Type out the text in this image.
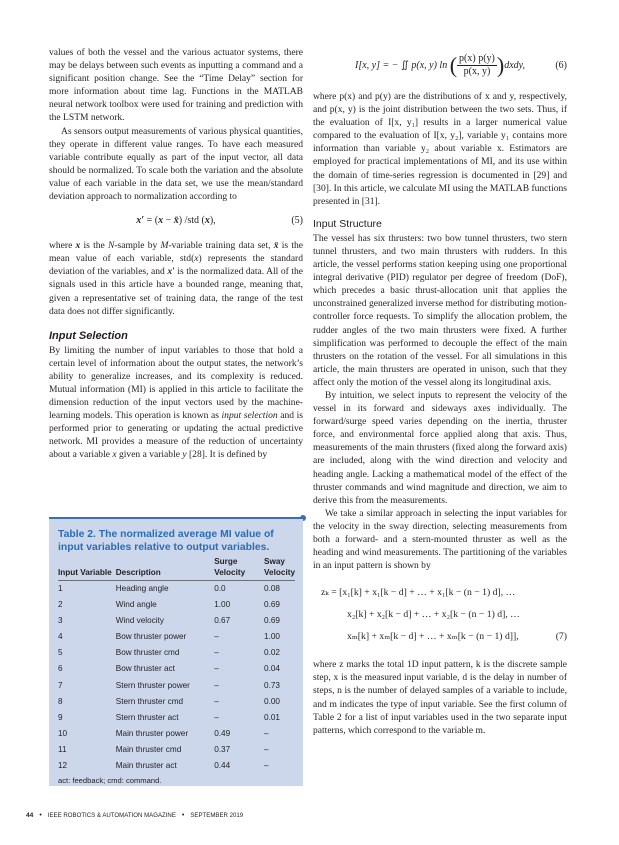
values of both the vessel and the various actuator systems, there may be delays between such events as inputting a command and a significant position change. See the “Time Delay” section for more information about time lag. Functions in the MATLAB neural network toolbox were used for training and prediction with the LSTM network.

As sensors output measurements of various physical quantities, they operate in different value ranges. To have each measured variable contribute equally as part of the input vector, all data should be normalized. To scale both the variation and the absolute value of each variable in the data set, we use the mean/standard deviation approach to normalization according to

x′ = (x − x̄) /std (x),	(5)

where x is the N-sample by M-variable training data set, x̄ is the mean value of each variable, std(x) represents the standard deviation of the variables, and x′ is the normalized data. All of the signals used in this article have a bounded range, meaning that, given a representative set of training data, the range of the test data does not differ significantly.

Input Selection

By limiting the number of input variables to those that hold a certain level of information about the output states, the network’s ability to generalize increases, and its complexity is reduced. Mutual information (MI) is applied in this article to facilitate the dimension reduction of the input vectors used by the machine-learning models. This operation is known as input selection and is performed prior to generating or updating the actual predictive network. MI provides a measure of the reduction of uncertainty about a variable x given a variable y [28]. It is defined by

Table 2. The normalized average MI value of input variables relative to output variables.
Input Variable	Description	Surge Velocity	Sway Velocity
1	Heading angle	0.0	0.08
2	Wind angle	1.00	0.69
3	Wind velocity	0.67	0.69
4	Bow thruster power	–	1.00
5	Bow thruster cmd	–	0.02
6	Bow thruster act	–	0.04
7	Stern thruster power	–	0.73
8	Stern thruster cmd	–	0.00
9	Stern thruster act	–	0.01
10	Main thruster power	0.49	–
11	Main thruster cmd	0.37	–
12	Main thruster act	0.44	–
act: feedback; cmd: command.
I[x, y] = − ∬ p(x, y) ln ( $\frac{p(x) p(y)}{p(x, y)}$ )dxdy,	(6)

where p(x) and p(y) are the distributions of x and y, respectively, and p(x, y) is the joint distribution between the two sets. Thus, if the evaluation of I[x, y₁] results in a larger numerical value compared to the evaluation of I[x, y₂], variable y₁ contains more information than variable y₂ about variable x. Estimators are employed for practical implementations of MI, and its use within the domain of time-series regression is documented in [29] and [30]. In this article, we calculate MI using the MATLAB functions presented in [31].

Input Structure

The vessel has six thrusters: two bow tunnel thrusters, two stern tunnel thrusters, and two main thrusters with rudders. In this article, the vessel performs station keeping using one proportional integral derivative (PID) regulator per degree of freedom (DoF), which precedes a basic thrust-allocation unit that applies the unconstrained generalized inverse method for distributing motion-controller force requests. To simplify the allocation problem, the rudder angles of the two main thrusters were fixed. A further simplification was performed to decouple the effect of the main thrusters on the rotation of the vessel. For all simulations in this article, the main thrusters are operated in unison, such that they affect only the motion of the vessel along its longitudinal axis.

By intuition, we select inputs to represent the velocity of the vessel in its forward and sideways axes individually. The forward/surge speed varies depending on the inertia, thruster force, and environmental force applied along that axis. Thus, measurements of the main thrusters (fixed along the forward axis) are included, along with the wind direction and velocity and heading angle. Lacking a mathematical model of the effect of the thruster commands and wind magnitude and direction, we aim to derive this from the measurements.

We take a similar approach in selecting the input variables for the velocity in the sway direction, selecting measurements from both a forward- and a stern-mounted thruster as well as the heading and wind measurements. The partitioning of the variables in an input pattern is shown by

zₖ = [x₁[k] + x₁[k − d] + … + x₁[k − (n − 1) d], …
x₂[k] + x₂[k − d] + … + x₂[k − (n − 1) d], …
xₘ[k] + xₘ[k − d] + … + xₘ[k − (n − 1) d]],	(7)

where z marks the total 1D input pattern, k is the discrete sample step, x is the measured input variable, d is the delay in number of steps, n is the number of delayed samples of a variable to include, and m indicates the type of input variable. See the first column of Table 2 for a list of input variables used in the two separate input patterns, which correspond to the variable m.

44 • IEEE ROBOTICS & AUTOMATION MAGAZINE • SEPTEMBER 2019
